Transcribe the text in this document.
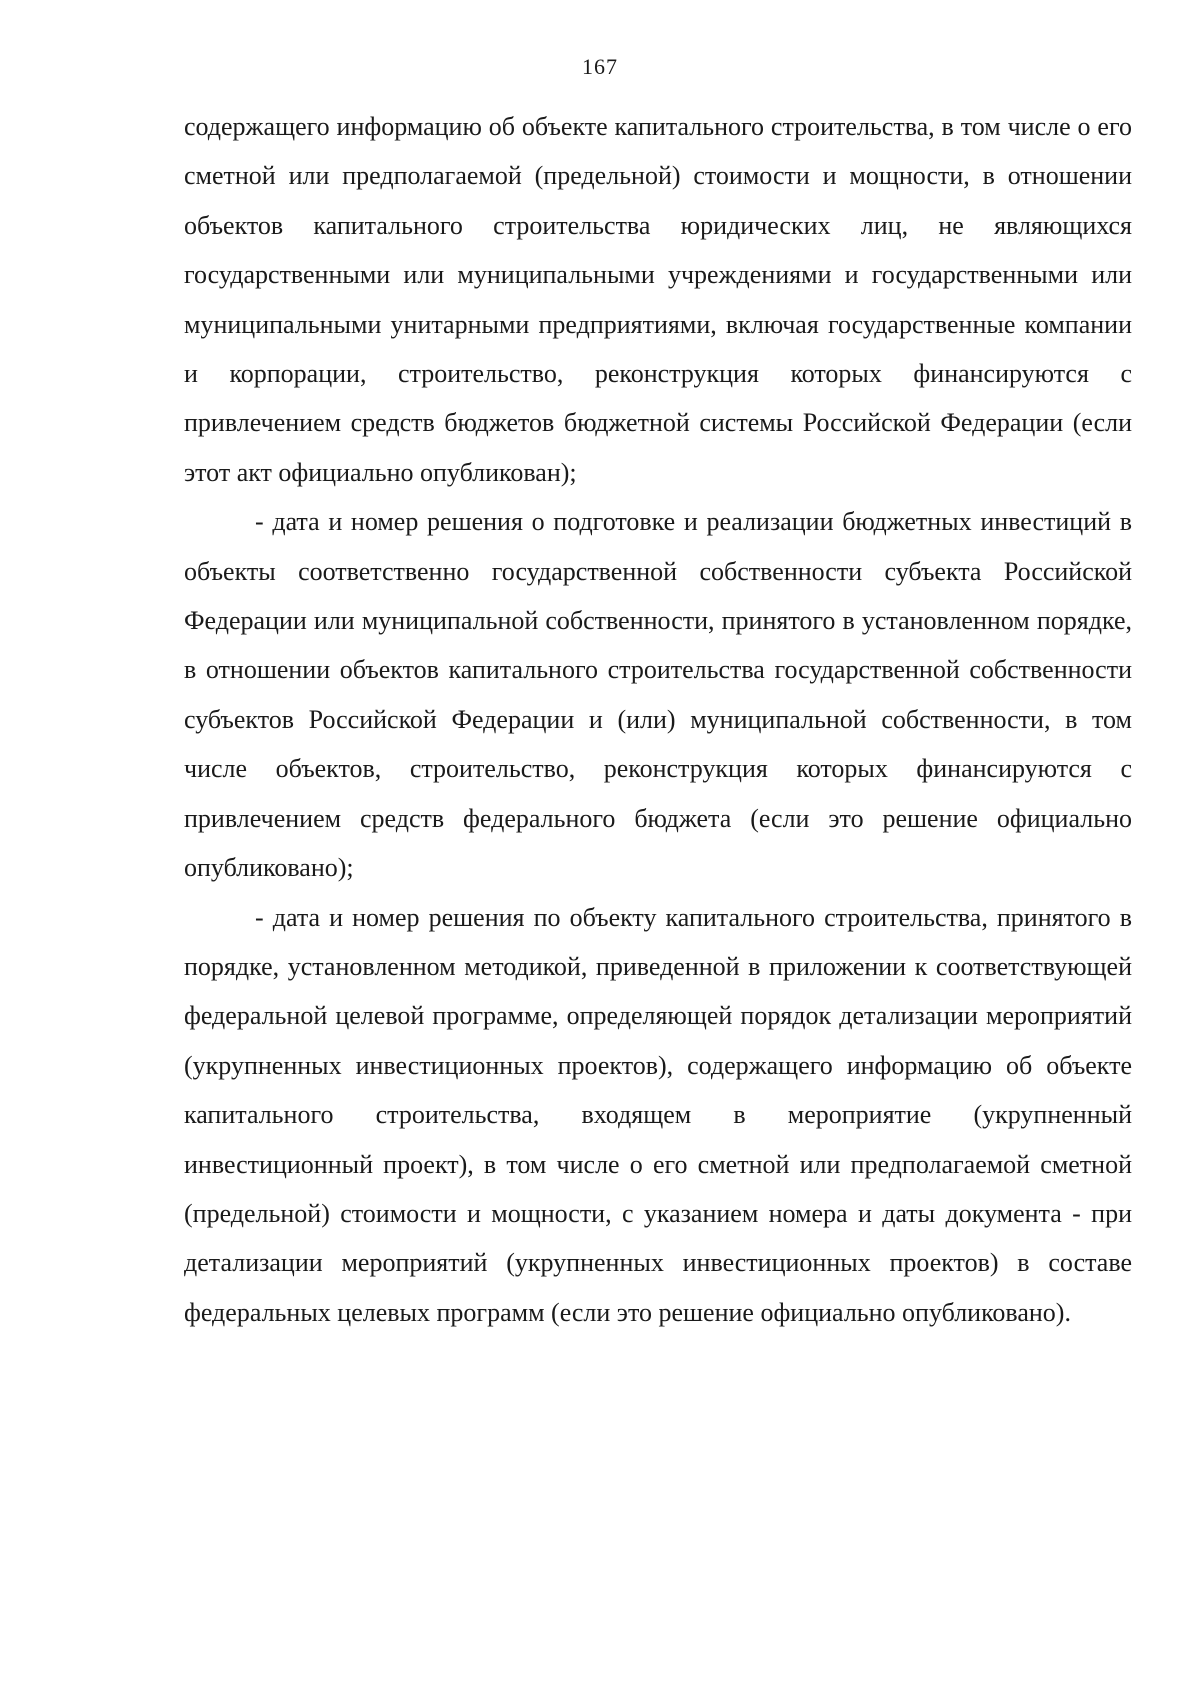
167

содержащего информацию об объекте капитального строительства, в том числе о его сметной или предполагаемой (предельной) стоимости и мощности, в отношении объектов капитального строительства юридических лиц, не являющихся государственными или муниципальными учреждениями и государственными или муниципальными унитарными предприятиями, включая государственные компании и корпорации, строительство, реконструкция которых финансируются с привлечением средств бюджетов бюджетной системы Российской Федерации (если этот акт официально опубликован);

- дата и номер решения о подготовке и реализации бюджетных инвестиций в объекты соответственно государственной собственности субъекта Российской Федерации или муниципальной собственности, принятого в установленном порядке, в отношении объектов капитального строительства государственной собственности субъектов Российской Федерации и (или) муниципальной собственности, в том числе объектов, строительство, реконструкция которых финансируются с привлечением средств федерального бюджета (если это решение официально опубликовано);

- дата и номер решения по объекту капитального строительства, принятого в порядке, установленном методикой, приведенной в приложении к соответствующей федеральной целевой программе, определяющей порядок детализации мероприятий (укрупненных инвестиционных проектов), содержащего информацию об объекте капитального строительства, входящем в мероприятие (укрупненный инвестиционный проект), в том числе о его сметной или предполагаемой сметной (предельной) стоимости и мощности, с указанием номера и даты документа - при детализации мероприятий (укрупненных инвестиционных проектов) в составе федеральных целевых программ (если это решение официально опубликовано).
